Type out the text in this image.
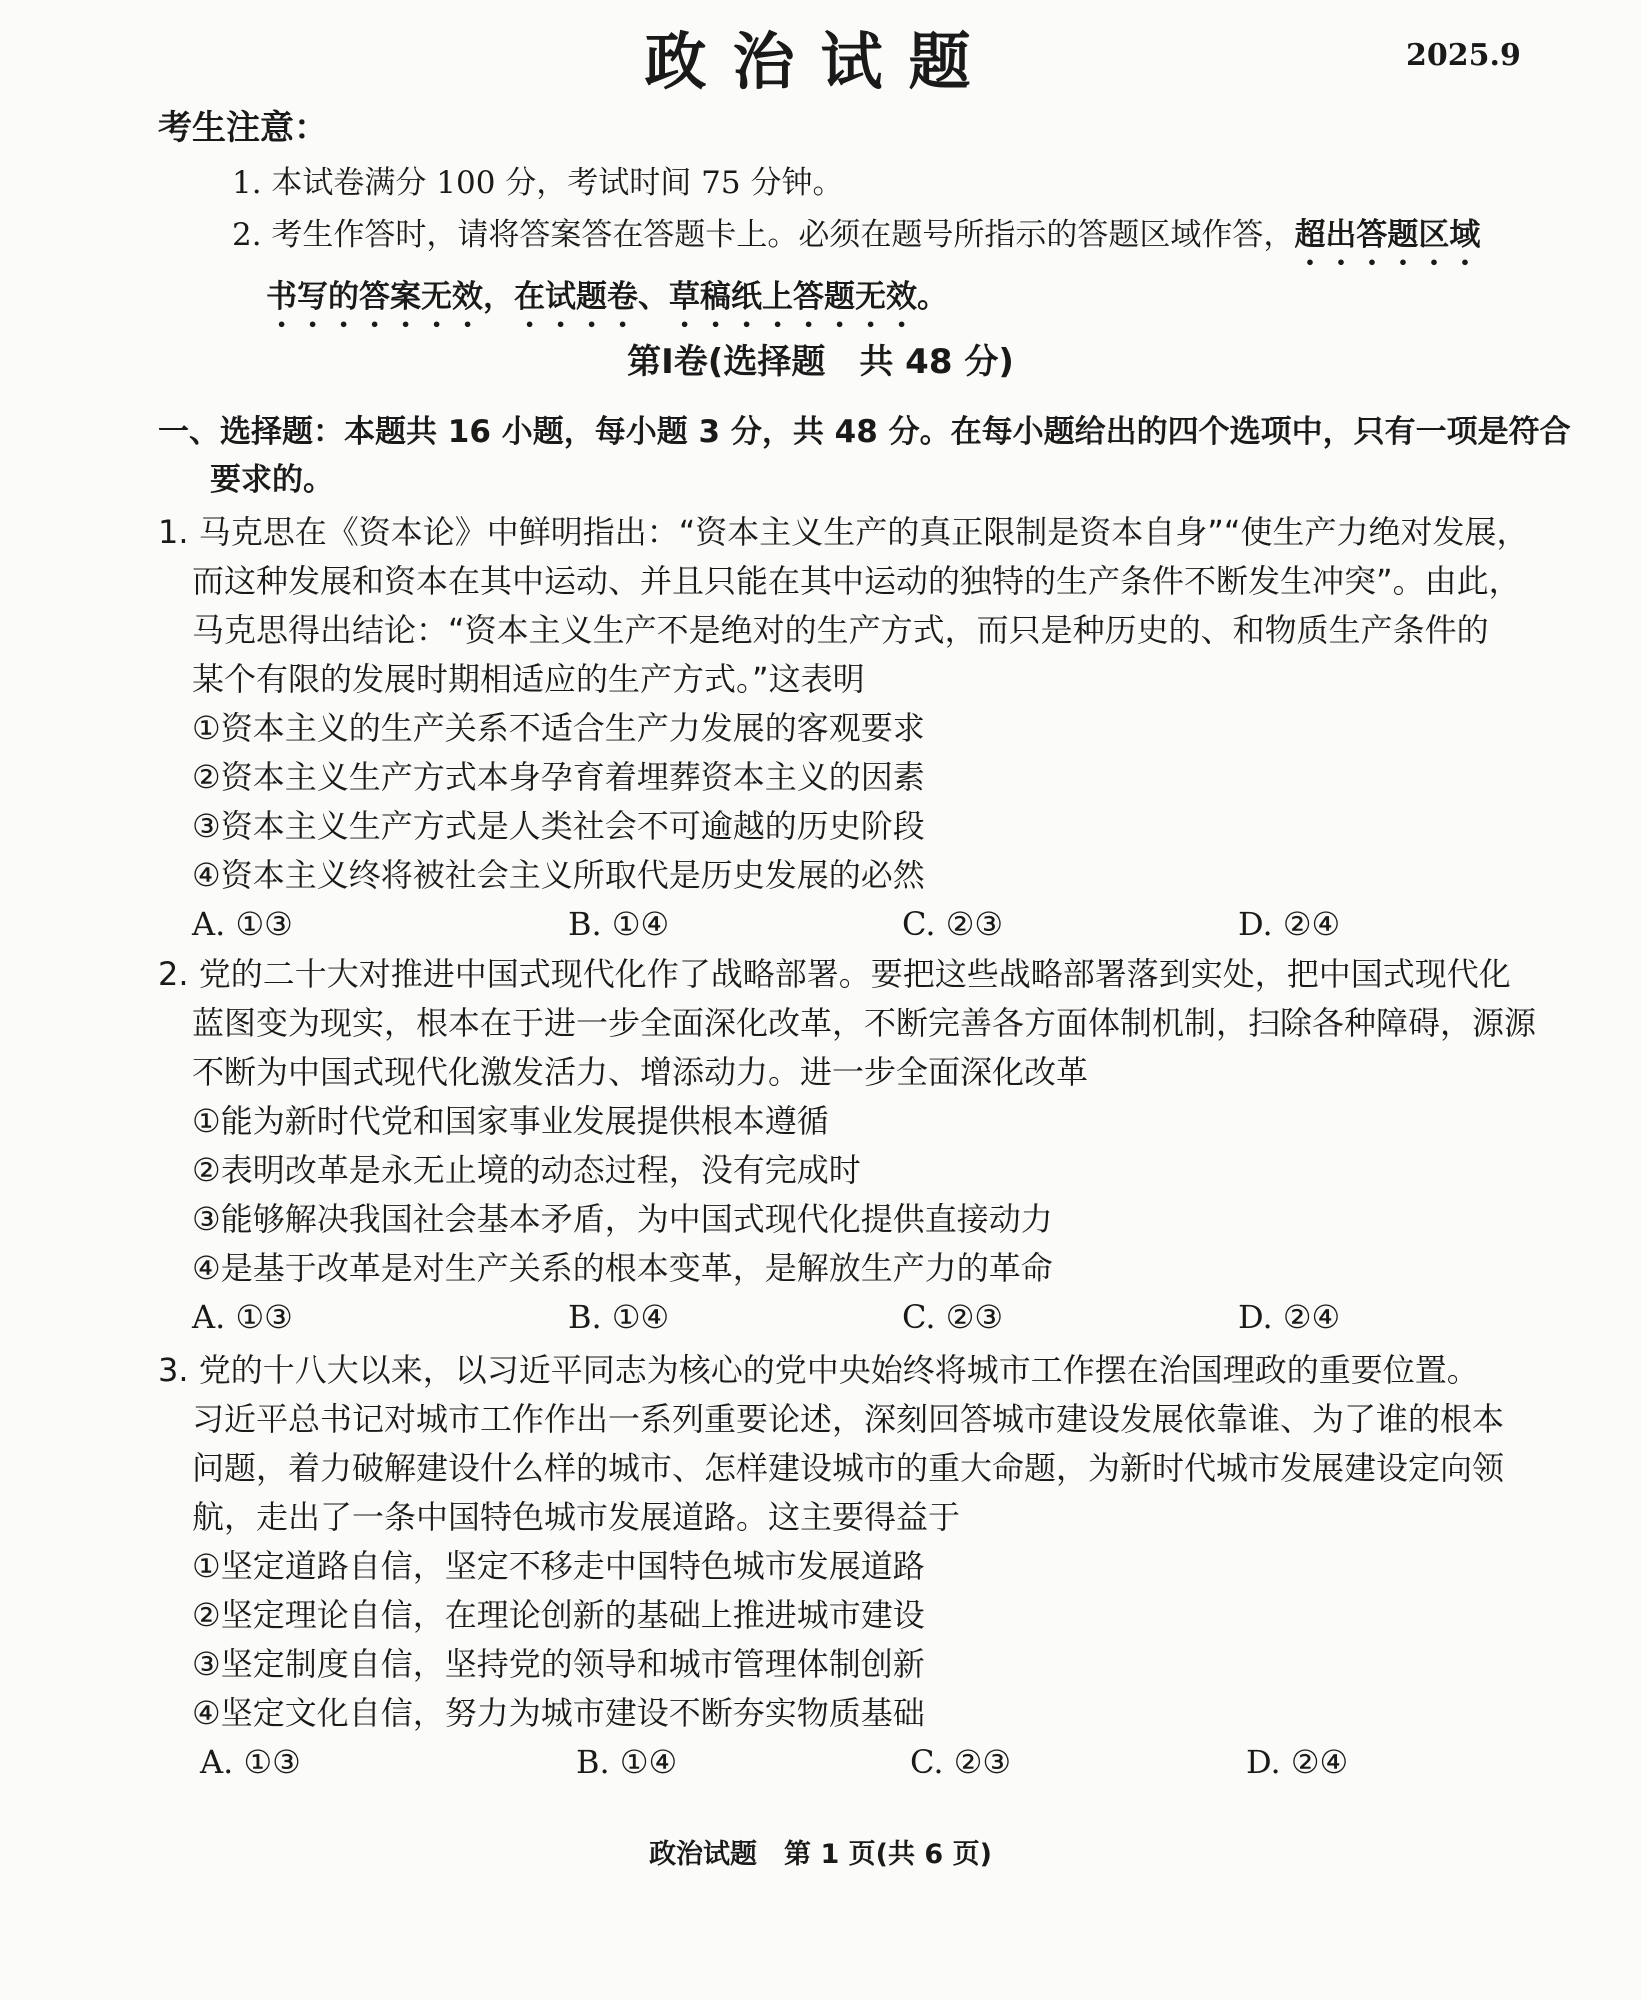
政治试题	2025.9
考生注意：
1. 本试卷满分 100 分，考试时间 75 分钟。
2. 考生作答时，请将答案答在答题卡上。必须在题号所指示的答题区域作答，超出答题区域
书写的答案无效，在试题卷、草稿纸上答题无效。
第Ⅰ卷(选择题　共 48 分)
一、选择题：本题共 16 小题，每小题 3 分，共 48 分。在每小题给出的四个选项中，只有一项是符合
要求的。
1. 马克思在《资本论》中鲜明指出：“资本主义生产的真正限制是资本自身”“使生产力绝对发展，
而这种发展和资本在其中运动、并且只能在其中运动的独特的生产条件不断发生冲突”。由此，
马克思得出结论：“资本主义生产不是绝对的生产方式，而只是种历史的、和物质生产条件的
某个有限的发展时期相适应的生产方式。”这表明
①资本主义的生产关系不适合生产力发展的客观要求
②资本主义生产方式本身孕育着埋葬资本主义的因素
③资本主义生产方式是人类社会不可逾越的历史阶段
④资本主义终将被社会主义所取代是历史发展的必然
A. ①③	B. ①④	C. ②③	D. ②④
2. 党的二十大对推进中国式现代化作了战略部署。要把这些战略部署落到实处，把中国式现代化
蓝图变为现实，根本在于进一步全面深化改革，不断完善各方面体制机制，扫除各种障碍，源源
不断为中国式现代化激发活力、增添动力。进一步全面深化改革
①能为新时代党和国家事业发展提供根本遵循
②表明改革是永无止境的动态过程，没有完成时
③能够解决我国社会基本矛盾，为中国式现代化提供直接动力
④是基于改革是对生产关系的根本变革，是解放生产力的革命
A. ①③	B. ①④	C. ②③	D. ②④
3. 党的十八大以来，以习近平同志为核心的党中央始终将城市工作摆在治国理政的重要位置。
习近平总书记对城市工作作出一系列重要论述，深刻回答城市建设发展依靠谁、为了谁的根本
问题，着力破解建设什么样的城市、怎样建设城市的重大命题，为新时代城市发展建设定向领
航，走出了一条中国特色城市发展道路。这主要得益于
①坚定道路自信，坚定不移走中国特色城市发展道路
②坚定理论自信，在理论创新的基础上推进城市建设
③坚定制度自信，坚持党的领导和城市管理体制创新
④坚定文化自信，努力为城市建设不断夯实物质基础
A. ①③	B. ①④	C. ②③	D. ②④
政治试题　第 1 页(共 6 页)
